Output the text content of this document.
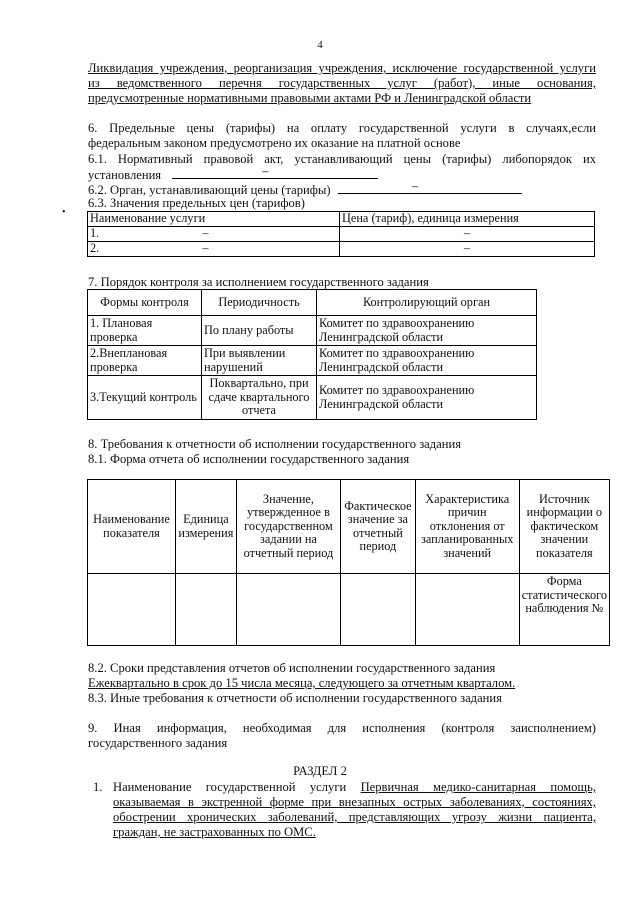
4
Ликвидация учреждения, реорганизация учреждения, исключение государственной услуги
из ведомственного перечня государственных услуг (работ), иные основания,
предусмотренные нормативными правовыми актами РФ и Ленинградской области
6. Предельные цены (тарифы) на оплату государственной услуги в случаях,если
федеральным законом предусмотрено их оказание на платной основе
6.1. Нормативный правовой акт, устанавливающий цены (тарифы) либопорядок их
установления	–
6.2. Орган, устанавливающий цены (тарифы)	–
•
6.3. Значения предельных цен (тарифов)
Наименование услуги	Цена (тариф), единица измерения
1. –	–
2. –	–
7. Порядок контроля за исполнением государственного задания
Формы контроля	Периодичность	Контролирующий орган
1. Плановая проверка	По плану работы	Комитет по здравоохранению Ленинградской области
2.Внеплановая проверка	При выявлении нарушений	Комитет по здравоохранению Ленинградской области
3.Текущий контроль	Поквартально, при сдаче квартального отчета	Комитет по здравоохранению Ленинградской области
8. Требования к отчетности об исполнении государственного задания
8.1. Форма отчета об исполнении государственного задания
Наименование показателя	Единица измерения	Значение, утвержденное в государственном задании на отчетный период	Фактическое значение за отчетный период	Характеристика причин отклонения от запланированных значений	Источник информации о фактическом значении показателя
					Форма статистического наблюдения №
8.2. Сроки представления отчетов об исполнении государственного задания
Ежеквартально в срок до 15 числа месяца, следующего за отчетным кварталом.
8.3. Иные требования к отчетности об исполнении государственного задания
9. Иная информация, необходимая для исполнения (контроля заисполнением)
государственного задания
РАЗДЕЛ 2
1. Наименование государственной услуги Первичная медико-санитарная помощь,
оказываемая в экстренной форме при внезапных острых заболеваниях, состояниях,
обострении хронических заболеваний, представляющих угрозу жизни пациента,
граждан, не застрахованных по ОМС.
